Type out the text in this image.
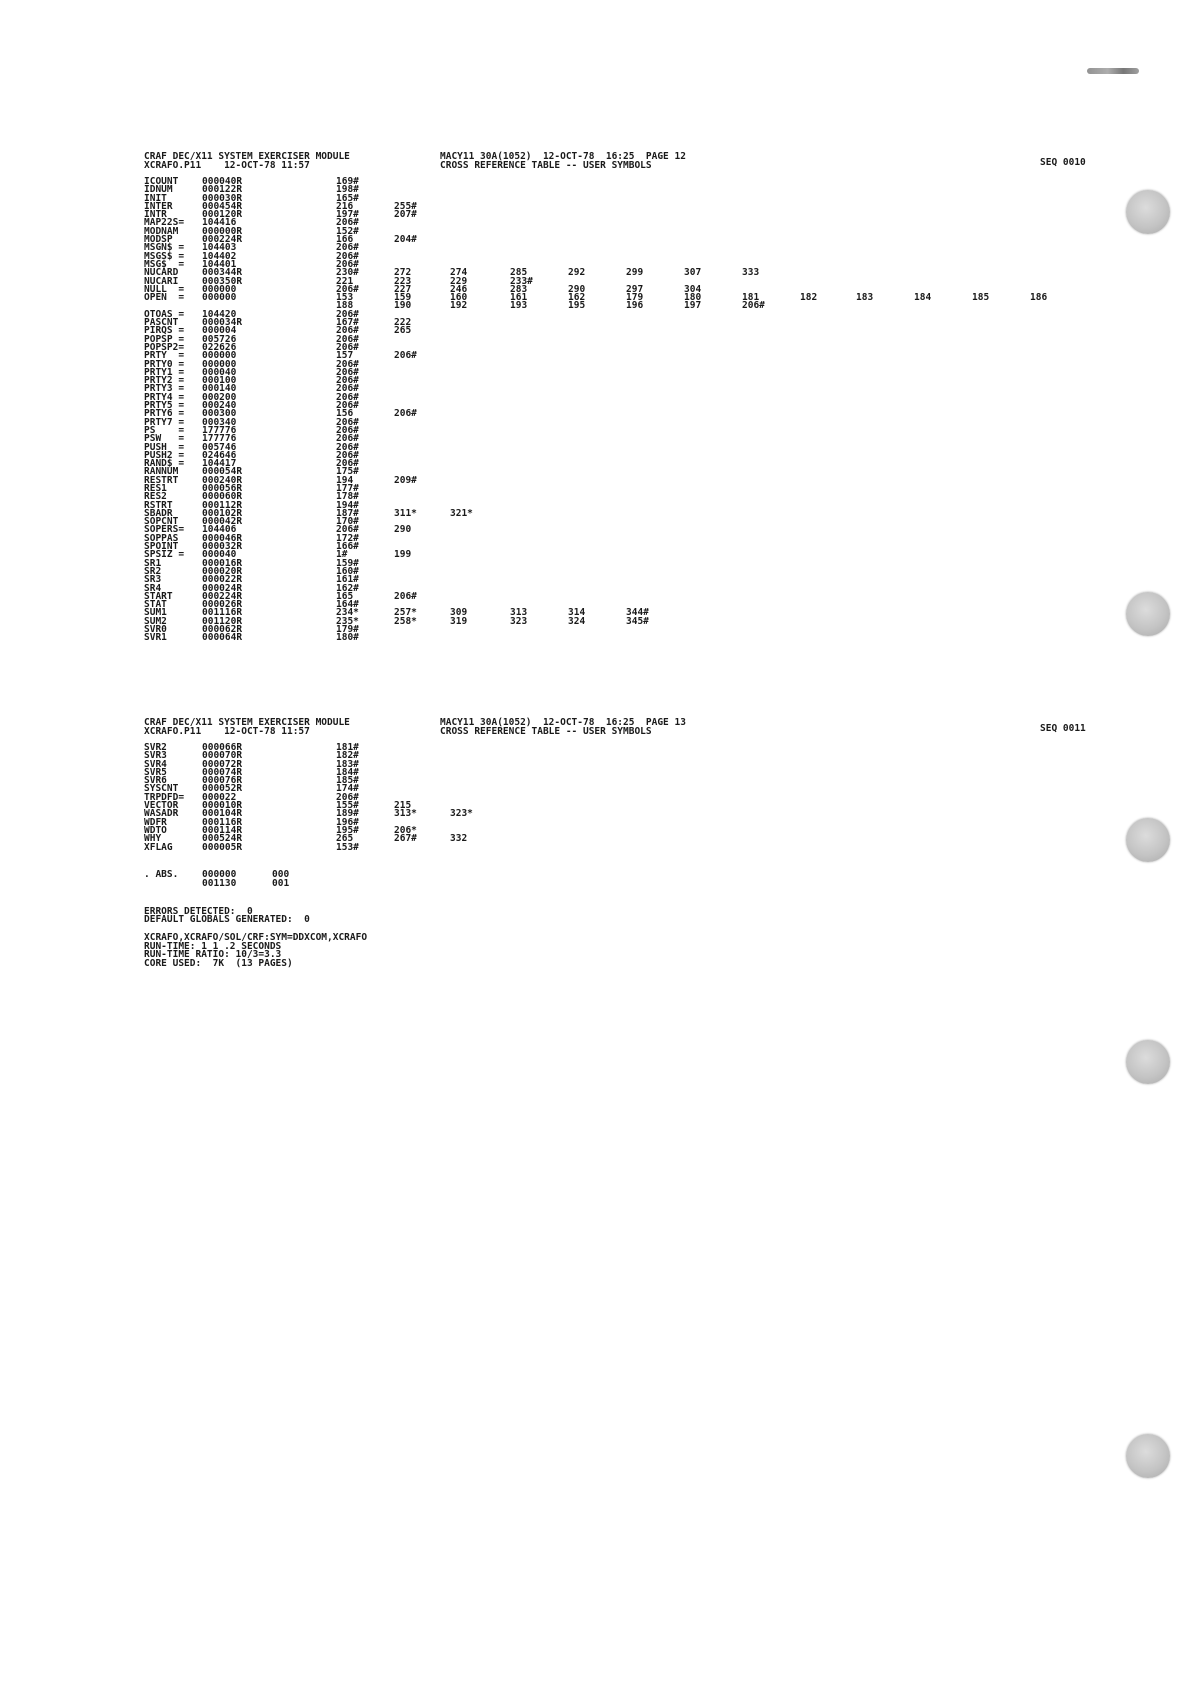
CRAF DEC/X11 SYSTEM EXERCISER MODULE
XCRAFO.P11    12-OCT-78 11:57
MACY11 30A(1052)  12-OCT-78  16:25  PAGE 12
CROSS REFERENCE TABLE -- USER SYMBOLS	SEQ 0010
ICOUNT 000040R	169#
IDNUM	000122R	198#
INIT	000030R	165#
INTER	000454R	216	255#
INTR	000120R	197#	207#
MAP22S= 104416	206#
MODNAM 000000R	152#
MODSP	000224R	166	204#
MSGN$ = 104403	206#
MSGS$ = 104402	206#
MSG$  = 104401	206#
NUCARD 000344R	230#	272	274	285	292	299	307	333
NUCARI 000350R	221	223	229	233#
NULL  = 000000	206#	227	246	283	290	297	304
OPEN  = 000000	153	159	160	161	162	179	180	181	182	183	184	185	186
188	190	192	193	195	196	197	206#
OTOAS = 104420	206#
PASCNT 000034R	167#	222
PIRQS = 000004	206#	265
POPSP = 005726	206#
POPSP2= 022626	206#
PRTY  = 000000	157	206#
PRTY0 = 000000	206#
PRTY1 = 000040	206#
PRTY2 = 000100	206#
PRTY3 = 000140	206#
PRTY4 = 000200	206#
PRTY5 = 000240	206#
PRTY6 = 000300	156	206#
PRTY7 = 000340	206#
PS    = 177776	206#
PSW   = 177776	206#
PUSH  = 005746	206#
PUSH2 = 024646	206#
RAND$ = 104417	206#
RANNUM 000054R	175#
RESTRT 000240R	194	209#
RES1	000056R	177#
RES2	000060R	178#
RSTRT	000112R	194#
SBADR	000102R	187#	311*	321*
SOPCNT 000042R	170#
SOPERS= 104406	206#	290
SOPPAS 000046R	172#
SPOINT 000032R	166#
SPSIZ = 000040	1#	199
SR1	000016R	159#
SR2	000020R	160#
SR3	000022R	161#
SR4	000024R	162#
START	000224R	165	206#
STAT	000026R	164#
SUM1	001116R	234*	257*	309	313	314	344#
SUM2	001120R	235*	258*	319	323	324	345#
SVR0	000062R	179#
SVR1	000064R	180#
CRAF DEC/X11 SYSTEM EXERCISER MODULE
XCRAFO.P11    12-OCT-78 11:57
MACY11 30A(1052)  12-OCT-78  16:25  PAGE 13
CROSS REFERENCE TABLE -- USER SYMBOLS	SEQ 0011
SVR2	000066R	181#
SVR3	000070R	182#
SVR4	000072R	183#
SVR5	000074R	184#
SVR6	000076R	185#
SYSCNT 000052R	174#
TRPDFD= 000022	206#
VECTOR 000010R	155#	215
WASADR 000104R	189#	313*	323*
WDFR	000116R	196#
WDTO	000114R	195#	206*
WHY	000524R	265	267#	332
XFLAG	000005R	153#
. ABS. 000000	000
001130	001
ERRORS DETECTED:  0
DEFAULT GLOBALS GENERATED:  0
XCRAFO,XCRAFO/SOL/CRF:SYM=DDXCOM,XCRAFO
RUN-TIME: 1 1 .2 SECONDS
RUN-TIME RATIO: 10/3=3.3
CORE USED:  7K  (13 PAGES)
